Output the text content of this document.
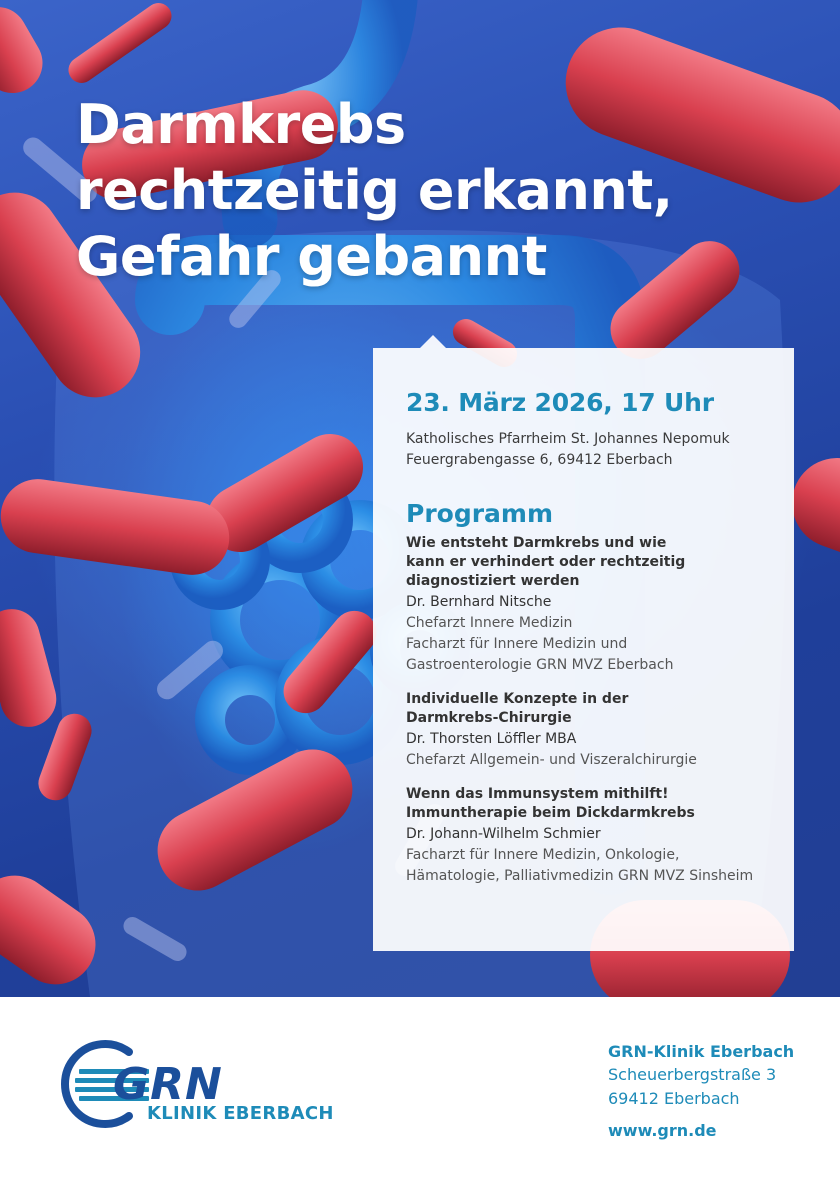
Darmkrebs
rechtzeitig erkannt,
Gefahr gebannt
23. März 2026, 17 Uhr
Katholisches Pfarrheim St. Johannes Nepomuk
Feuergrabengasse 6, 69412 Eberbach
Programm
Wie entsteht Darmkrebs und wie
kann er verhindert oder rechtzeitig
diagnostiziert werden
Dr. Bernhard Nitsche
Chefarzt Innere Medizin
Facharzt für Innere Medizin und
Gastroenterologie GRN MVZ Eberbach
Individuelle Konzepte in der
Darmkrebs-Chirurgie
Dr. Thorsten Löffler MBA
Chefarzt Allgemein- und Viszeralchirurgie
Wenn das Immunsystem mithilft!
Immuntherapie beim Dickdarmkrebs
Dr. Johann-Wilhelm Schmier
Facharzt für Innere Medizin, Onkologie,
Hämatologie, Palliativmedizin GRN MVZ Sinsheim
GRN
KLINIK EBERBACH
GRN-Klinik Eberbach
Scheuerbergstraße 3
69412 Eberbach
www.grn.de
